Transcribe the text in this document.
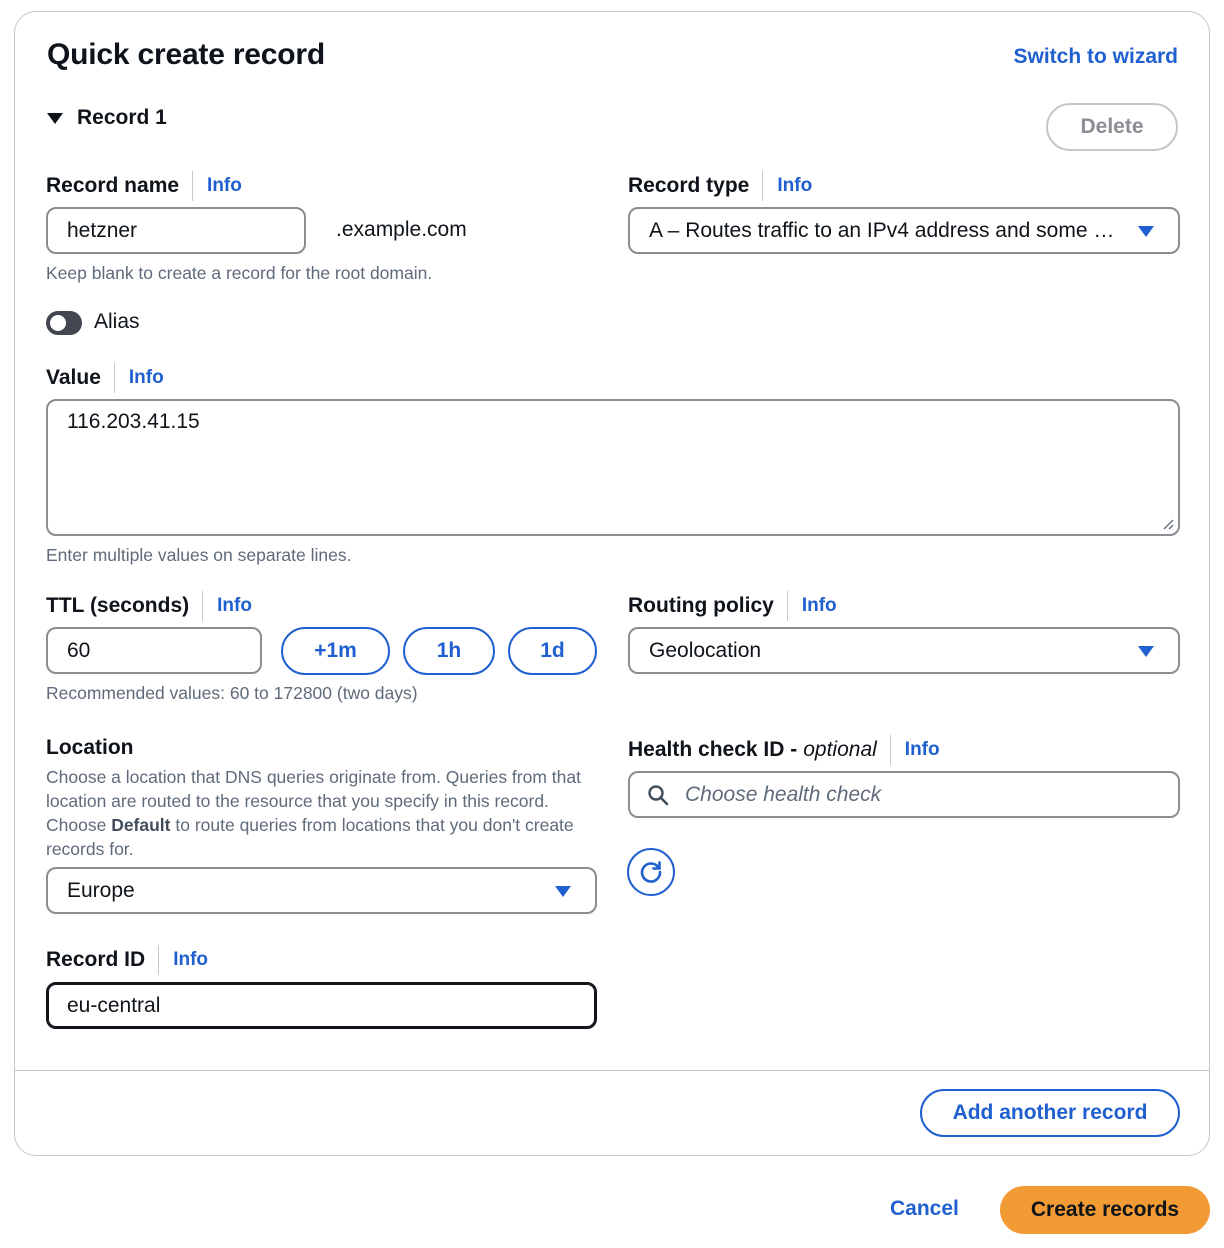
Quick create record	Switch to wizard
Record 1	Delete
Record name	Info
hetzner	.example.com
Keep blank to create a record for the root domain.
Record type	Info
A – Routes traffic to an IPv4 address and some …
Alias
Value	Info
116.203.41.15
Enter multiple values on separate lines.
TTL (seconds)	Info
60	+1m	1h	1d
Recommended values: 60 to 172800 (two days)
Routing policy	Info
Geolocation
Location
Choose a location that DNS queries originate from. Queries from that location are routed to the resource that you specify in this record. Choose Default to route queries from locations that you don't create records for.
Europe
Health check ID - optional	Info
Choose health check
Record ID	Info
eu-central
Add another record
Cancel	Create records
